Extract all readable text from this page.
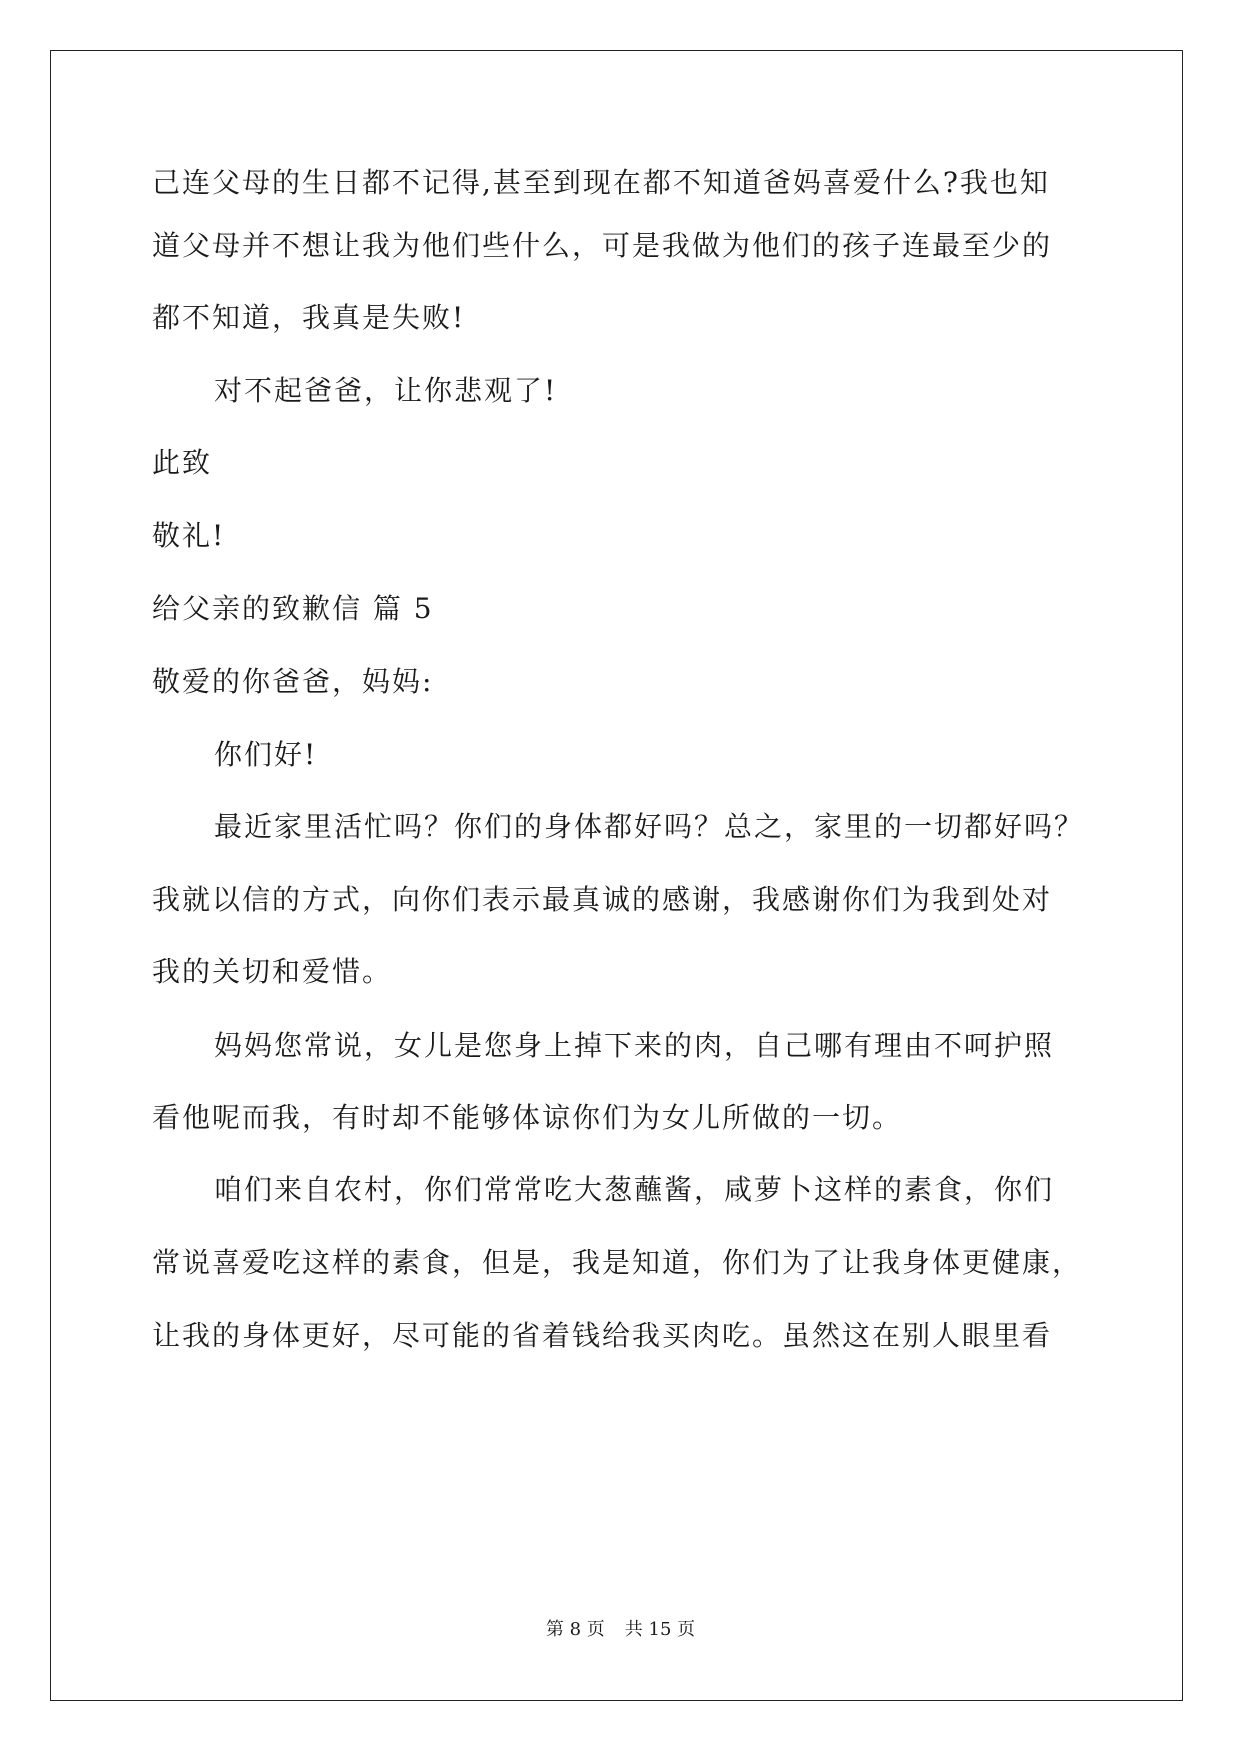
己连父母的生日都不记得,甚至到现在都不知道爸妈喜爱什么?我也知
道父母并不想让我为他们些什么，可是我做为他们的孩子连最至少的
都不知道，我真是失败!
对不起爸爸，让你悲观了!
此致
敬礼!
给父亲的致歉信 篇 5
敬爱的你爸爸，妈妈:
你们好!
最近家里活忙吗？你们的身体都好吗？总之，家里的一切都好吗？
我就以信的方式，向你们表示最真诚的感谢，我感谢你们为我到处对
我的关切和爱惜。
妈妈您常说，女儿是您身上掉下来的肉，自己哪有理由不呵护照
看他呢而我，有时却不能够体谅你们为女儿所做的一切。
咱们来自农村，你们常常吃大葱蘸酱，咸萝卜这样的素食，你们
常说喜爱吃这样的素食，但是，我是知道，你们为了让我身体更健康，
让我的身体更好，尽可能的省着钱给我买肉吃。虽然这在别人眼里看
第 8 页 共 15 页
